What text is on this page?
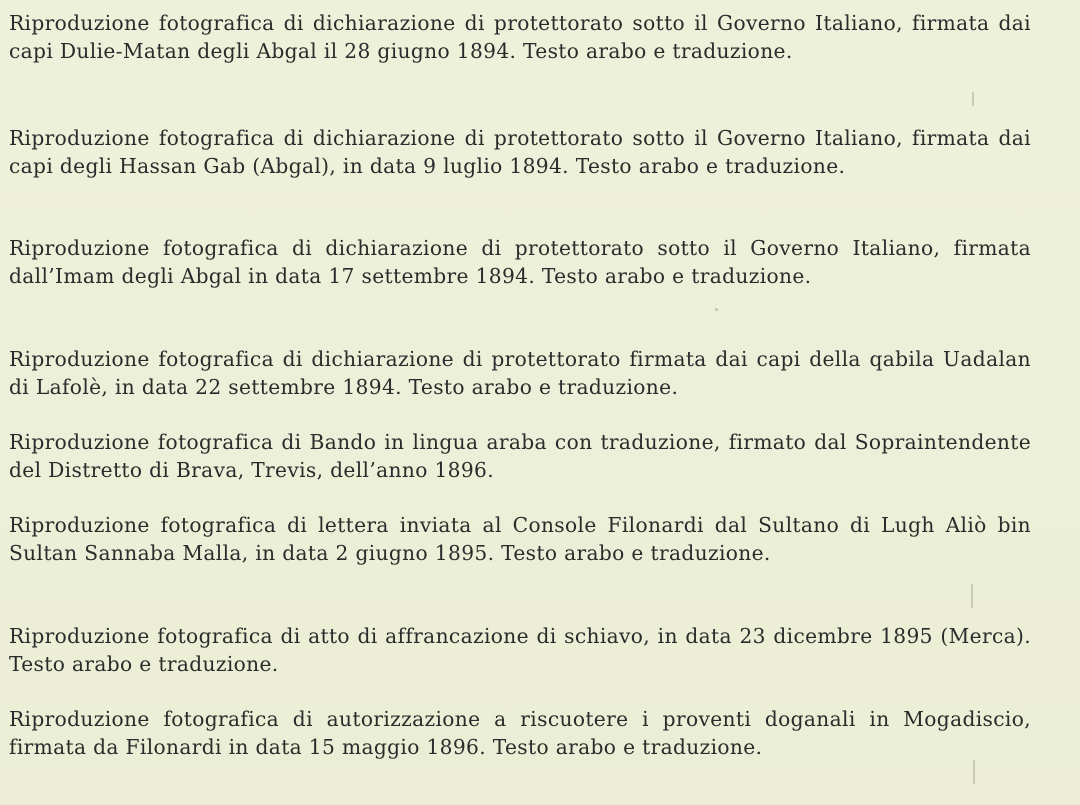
Riproduzione fotografica di dichiarazione di protettorato sotto il Governo Italiano, firmata dai capi Dulie-Matan degli Abgal il 28 giugno 1894. Testo arabo e traduzione.

Riproduzione fotografica di dichiarazione di protettorato sotto il Governo Italiano, firmata dai capi degli Hassan Gab (Abgal), in data 9 luglio 1894. Testo arabo e traduzione.

Riproduzione fotografica di dichiarazione di protettorato sotto il Governo Italiano, firmata dall’Imam degli Abgal in data 17 settembre 1894. Testo arabo e traduzione.

Riproduzione fotografica di dichiarazione di protettorato firmata dai capi della qabila Uadalan di Lafolè, in data 22 settembre 1894. Testo arabo e traduzione.

Riproduzione fotografica di Bando in lingua araba con traduzione, firmato dal Sopraintendente del Distretto di Brava, Trevis, dell’anno 1896.

Riproduzione fotografica di lettera inviata al Console Filonardi dal Sultano di Lugh Aliò bin Sultan Sannaba Malla, in data 2 giugno 1895. Testo arabo e traduzione.

Riproduzione fotografica di atto di affrancazione di schiavo, in data 23 dicembre 1895 (Merca). Testo arabo e traduzione.

Riproduzione fotografica di autorizzazione a riscuotere i proventi doganali in Mogadiscio, firmata da Filonardi in data 15 maggio 1896. Testo arabo e traduzione.
